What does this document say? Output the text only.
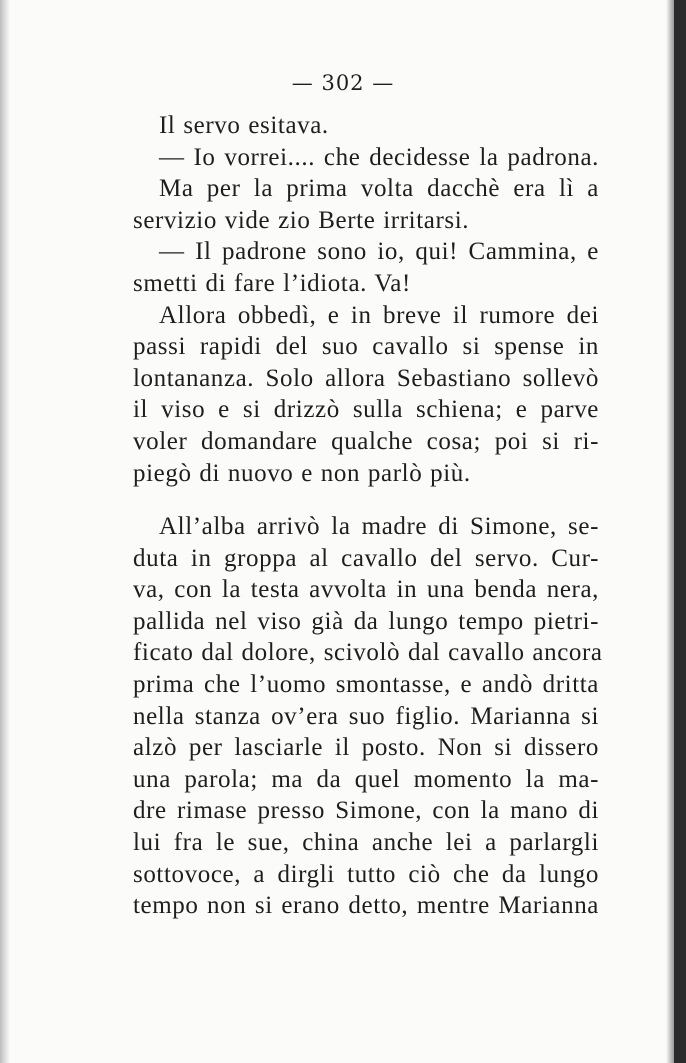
— 302 —
Il servo esitava.
— Io vorrei.... che decidesse la padrona.
Ma per la prima volta dacchè era lì a
servizio vide zio Berte irritarsi.
— Il padrone sono io, qui! Cammina, e
smetti di fare l’idiota. Va!
Allora obbedì, e in breve il rumore dei
passi rapidi del suo cavallo si spense in
lontananza. Solo allora Sebastiano sollevò
il viso e si drizzò sulla schiena; e parve
voler domandare qualche cosa; poi si ri-
piegò di nuovo e non parlò più.
All’alba arrivò la madre di Simone, se-
duta in groppa al cavallo del servo. Cur-
va, con la testa avvolta in una benda nera,
pallida nel viso già da lungo tempo pietri-
ficato dal dolore, scivolò dal cavallo ancora
prima che l’uomo smontasse, e andò dritta
nella stanza ov’era suo figlio. Marianna si
alzò per lasciarle il posto. Non si dissero
una parola; ma da quel momento la ma-
dre rimase presso Simone, con la mano di
lui fra le sue, china anche lei a parlargli
sottovoce, a dirgli tutto ciò che da lungo
tempo non si erano detto, mentre Marianna
